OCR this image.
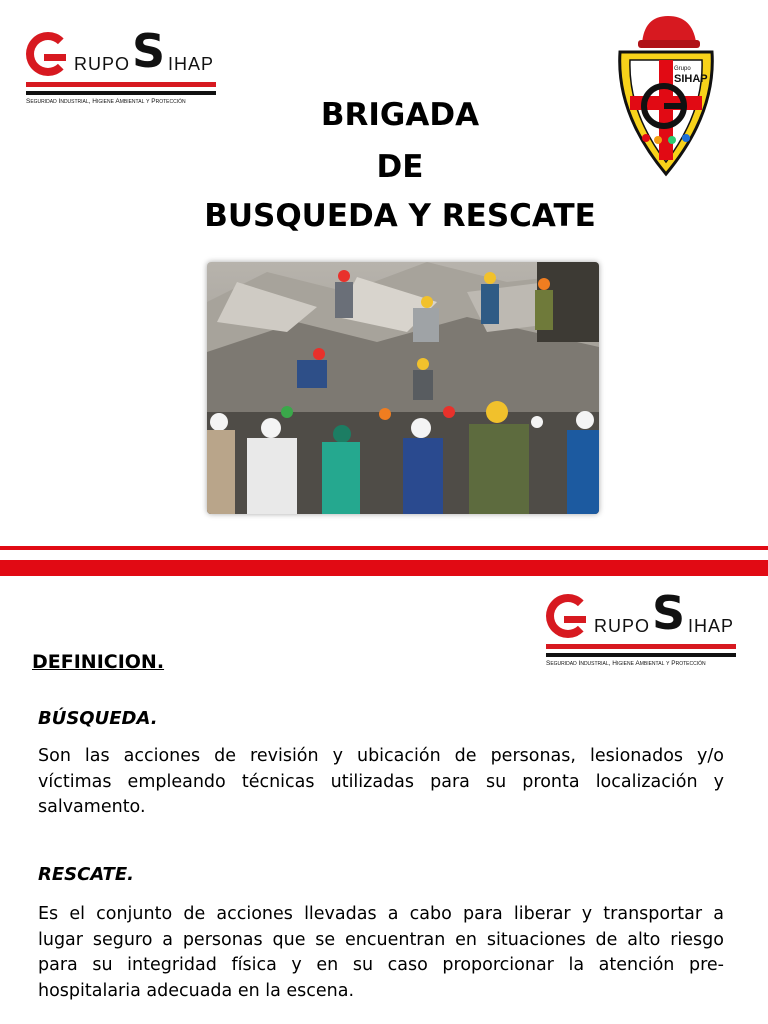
RUPO S IHAP
Seguridad Industrial, Higiene Ambiental y Protección	BRIGADA
DE
BUSQUEDA Y RESCATE
Grupo
SIHAP
RUPO S IHAP
Seguridad Industrial, Higiene Ambiental y Protección
DEFINICION.
BÚSQUEDA.
Son las acciones de revisión y ubicación de personas, lesionados y/o
víctimas empleando técnicas utilizadas para su pronta localización y
salvamento.
RESCATE.
Es el conjunto de acciones llevadas a cabo para liberar y transportar a
lugar seguro a personas que se encuentran en situaciones de alto riesgo
para su integridad física y en su caso proporcionar la atención pre-
hospitalaria adecuada en la escena.
